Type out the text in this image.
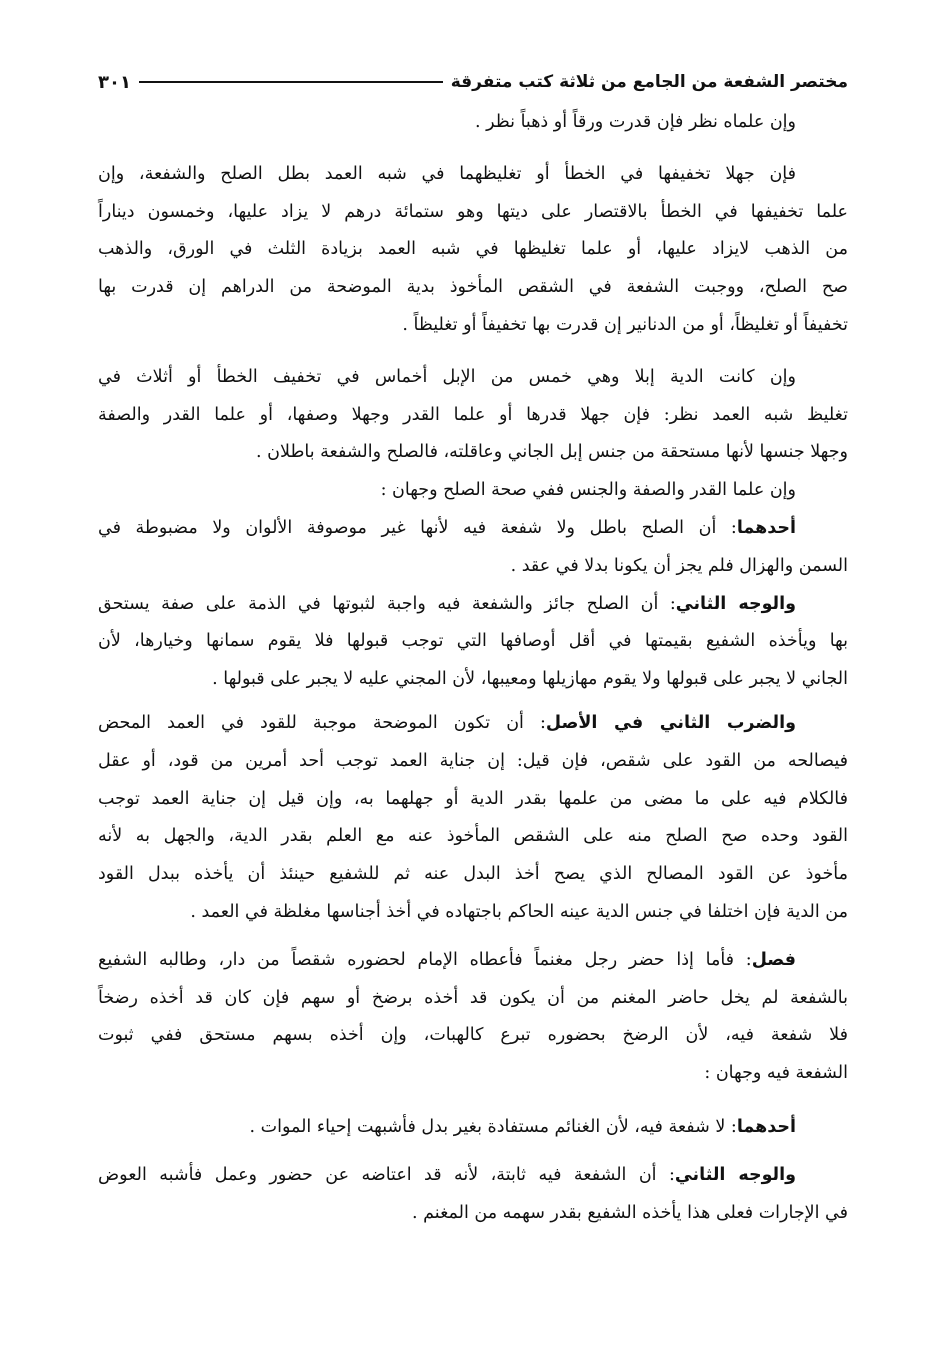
مختصر الشفعة من الجامع من ثلاثة كتب متفرقة
٣٠١
وإن علماه نظر فإن قدرت ورقاً أو ذهباً نظر .
فإن جهلا تخفيفها في الخطأ أو تغليظهما في شبه العمد بطل الصلح والشفعة، وإن
علما تخفيفها في الخطأ بالاقتصار على ديتها وهو ستمائة درهم لا يزاد عليها، وخمسون ديناراً
من الذهب لايزاد عليها، أو علما تغليظها في شبه العمد بزيادة الثلث في الورق، والذهب
صح الصلح، ووجبت الشفعة في الشقص المأخوذ بدية الموضحة من الدراهم إن قدرت بها
تخفيفاً أو تغليظاً، أو من الدنانير إن قدرت بها تخفيفاً أو تغليظاً .
وإن كانت الدية إبلا وهي خمس من الإبل أخماس في تخفيف الخطأ أو أثلاث في
تغليظ شبه العمد نظر: فإن جهلا قدرها أو علما القدر وجهلا وصفها، أو علما القدر والصفة
وجهلا جنسها لأنها مستحقة من جنس إبل الجاني وعاقلته، فالصلح والشفعة باطلان .
وإن علما القدر والصفة والجنس ففي صحة الصلح وجهان :
أحدهما: أن الصلح باطل ولا شفعة فيه لأنها غير موصوفة الألوان ولا مضبوطة في
السمن والهزال فلم يجز أن يكونا بدلا في عقد .
والوجه الثاني: أن الصلح جائز والشفعة فيه واجبة لثبوتها في الذمة على صفة يستحق
بها ويأخذه الشفيع بقيمتها في أقل أوصافها التي توجب قبولها فلا يقوم سمانها وخيارها، لأن
الجاني لا يجبر على قبولها ولا يقوم مهازيلها ومعيبها، لأن المجني عليه لا يجبر على قبولها .
والضرب الثاني في الأصل: أن تكون الموضحة موجبة للقود في العمد المحض
فيصالحه من القود على شقص، فإن قيل: إن جناية العمد توجب أحد أمرين من قود، أو عقل
فالكلام فيه على ما مضى من علمها بقدر الدية أو جهلهما به، وإن قيل إن جناية العمد توجب
القود وحده صح الصلح منه على الشقص المأخوذ عنه مع العلم بقدر الدية، والجهل به لأنه
مأخوذ عن القود المصالح الذي يصح أخذ البدل عنه ثم للشفيع حينئذ أن يأخذه ببدل القود
من الدية فإن اختلفا في جنس الدية عينه الحاكم باجتهاده في أخذ أجناسها مغلظة في العمد .
فصل: فأما إذا حضر رجل مغنماً فأعطاه الإمام لحضوره شقصاً من دار، وطالبه الشفيع
بالشفعة لم يخل حاضر المغنم من أن يكون قد أخذه برضخ أو سهم فإن كان قد أخذه رضخاً
فلا شفعة فيه، لأن الرضخ بحضوره تبرع كالهبات، وإن أخذه بسهم مستحق ففي ثبوت
الشفعة فيه وجهان :
أحدهما: لا شفعة فيه، لأن الغنائم مستفادة بغير بدل فأشبهت إحياء الموات .
والوجه الثاني: أن الشفعة فيه ثابتة، لأنه قد اعتاضه عن حضور وعمل فأشبه العوض
في الإجارات فعلى هذا يأخذه الشفيع بقدر سهمه من المغنم .
